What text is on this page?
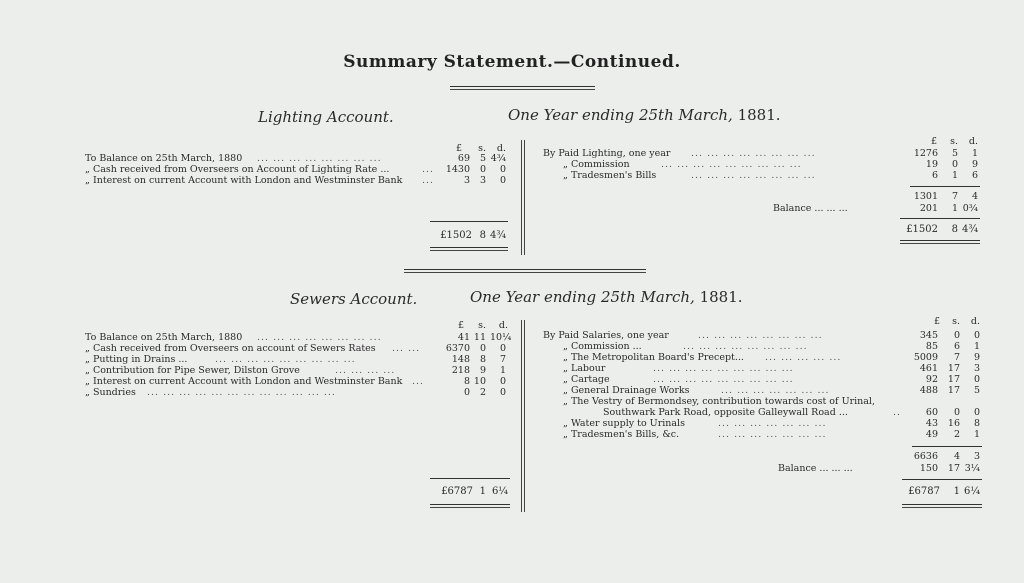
Summary Statement.—Continued.
Lighting Account.	One Year ending 25th March, 1881.
£	s.	d.
To Balance on 25th March, 1880 ... ... ... ... ... ... ... ...	69	5 4¾
„ Cash received from Overseers on Account of Lighting Rate ...	...	1430	0	0
„ Interest on current Account with London and Westminster Bank ...	3	3	0
£1502 8 4¾
£	s.	d.
By Paid Lighting, one year ... ... ... ... ... ... ... ...	1276	5	1
„ Commission	... ... ... ... ... ... ... ... ...	19	0	9
„ Tradesmen's Bills	... ... ... ... ... ... ... ...	6	1	6
1301	7	4
Balance ... ... ...	201	1 0¾
£1502	8 4¾
Sewers Account.	One Year ending 25th March, 1881.
£	s.	d.
To Balance on 25th March, 1880 ... ... ... ... ... ... ... ...	41 11 10¼
„ Cash received from Overseers on account of Sewers Rates ... ...	6370	0	0
„ Putting in Drains ...	... ... ... ... ... ... ... ... ...	148	8	7
„ Contribution for Pipe Sewer, Dilston Grove	... ... ... ...	218	9	1
„ Interest on current Account with London and Westminster Bank ...	8 10	0
„ Sundries ... ... ... ... ... ... ... ... ... ... ... ...	0	2	0
£6787 1 6¼
£	s.	d.
By Paid Salaries, one year	... ... ... ... ... ... ... ...	345	0	0
„ Commission ...	... ... ... ... ... ... ... ...	85	6	1
„ The Metropolitan Board's Precept... ... ... ... ... ...	5009	7	9
„ Labour	... ... ... ... ... ... ... ... ...	461 17	3
„ Cartage	... ... ... ... ... ... ... ... ...	92 17	0
„ General Drainage Works	... ... ... ... ... ... ...	488 17	5
„ The Vestry of Bermondsey, contribution towards cost of Urinal,
Southwark Park Road, opposite Galleywall Road ...	..	60	0	0
„ Water supply to Urinals	... ... ... ... ... ... ...	43 16	8
„ Tradesmen's Bills, &c.	... ... ... ... ... ... ...	49	2	1
6636	4	3
Balance ... ... ...	150 17 3¼
£6787	1 6¼
